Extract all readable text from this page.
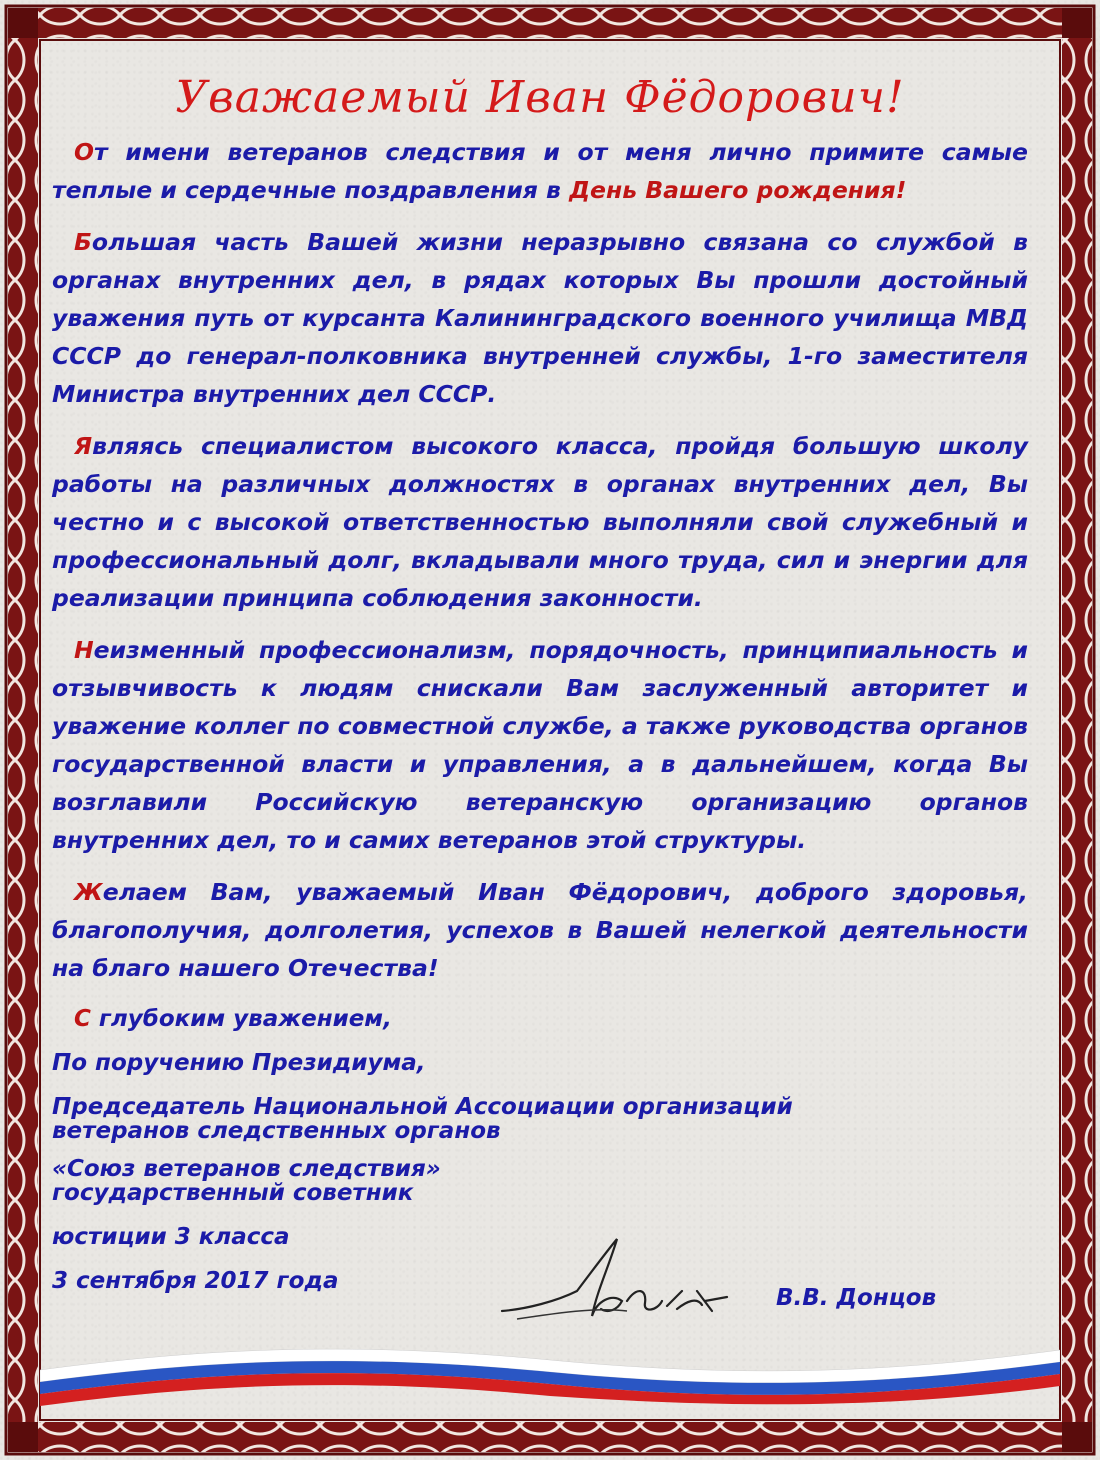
Уважаемый Иван Фёдорович!

От имени ветеранов следствия и от меня лично примите самые теплые и сердечные поздравления в День Вашего рождения!

Большая часть Вашей жизни неразрывно связана со службой в органах внутренних дел, в рядах которых Вы прошли достойный уважения путь от курсанта Калининградского военного училища МВД СССР до генерал-полковника внутренней службы, 1-го заместителя Министра внутренних дел СССР.

Являясь специалистом высокого класса, пройдя большую школу работы на различных должностях в органах внутренних дел, Вы честно и с высокой ответственностью выполняли свой служебный и профессиональный долг, вкладывали много труда, сил и энергии для реализации принципа соблюдения законности.

Неизменный профессионализм, порядочность, принципиальность и отзывчивость к людям снискали Вам заслуженный авторитет и уважение коллег по совместной службе, а также руководства органов государственной власти и управления, а в дальнейшем, когда Вы возглавили Российскую ветеранскую организацию органов внутренних дел, то и самих ветеранов этой структуры.

Желаем Вам, уважаемый Иван Фёдорович, доброго здоровья, благополучия, долголетия, успехов в Вашей нелегкой деятельности на благо нашего Отечества!

С глубоким уважением,
По поручению Президиума,
Председатель Национальной Ассоциации организаций
ветеранов следственных органов
«Союз ветеранов следствия»
государственный советник
юстиции 3 класса
3 сентября 2017 года
В.В. Донцов
